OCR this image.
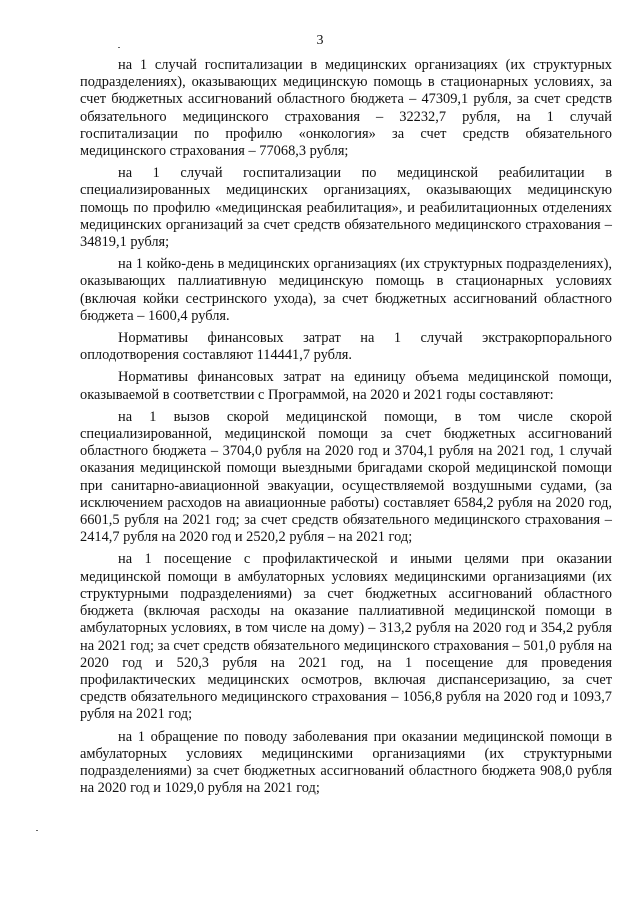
3

на 1 случай госпитализации в медицинских организациях (их структурных подразделениях), оказывающих медицинскую помощь в стационарных условиях, за счет бюджетных ассигнований областного бюджета – 47309,1 рубля, за счет средств обязательного медицинского страхования – 32232,7 рубля, на 1 случай госпитализации по профилю «онкология» за счет средств обязательного медицинского страхования – 77068,3 рубля;

на 1 случай госпитализации по медицинской реабилитации в специализированных медицинских организациях, оказывающих медицинскую помощь по профилю «медицинская реабилитация», и реабилитационных отделениях медицинских организаций за счет средств обязательного медицинского страхования – 34819,1 рубля;

на 1 койко-день в медицинских организациях (их структурных подразделениях), оказывающих паллиативную медицинскую помощь в стационарных условиях (включая койки сестринского ухода), за счет бюджетных ассигнований областного бюджета – 1600,4 рубля.

Нормативы финансовых затрат на 1 случай экстракорпорального оплодотворения составляют 114441,7 рубля.

Нормативы финансовых затрат на единицу объема медицинской помощи, оказываемой в соответствии с Программой, на 2020 и 2021 годы составляют:

на 1 вызов скорой медицинской помощи, в том числе скорой специализированной, медицинской помощи за счет бюджетных ассигнований областного бюджета – 3704,0 рубля на 2020 год и 3704,1 рубля на 2021 год, 1 случай оказания медицинской помощи выездными бригадами скорой медицинской помощи при санитарно-авиационной эвакуации, осуществляемой воздушными судами, (за исключением расходов на авиационные работы) составляет 6584,2 рубля на 2020 год, 6601,5 рубля на 2021 год; за счет средств обязательного медицинского страхования – 2414,7 рубля на 2020 год и 2520,2 рубля – на 2021 год;

на 1 посещение с профилактической и иными целями при оказании медицинской помощи в амбулаторных условиях медицинскими организациями (их структурными подразделениями) за счет бюджетных ассигнований областного бюджета (включая расходы на оказание паллиативной медицинской помощи в амбулаторных условиях, в том числе на дому) – 313,2 рубля на 2020 год и 354,2 рубля на 2021 год; за счет средств обязательного медицинского страхования – 501,0 рубля на 2020 год и 520,3 рубля на 2021 год, на 1 посещение для проведения профилактических медицинских осмотров, включая диспансеризацию, за счет средств обязательного медицинского страхования – 1056,8 рубля на 2020 год и 1093,7 рубля на 2021 год;

на 1 обращение по поводу заболевания при оказании медицинской помощи в амбулаторных условиях медицинскими организациями (их структурными подразделениями) за счет бюджетных ассигнований областного бюджета 908,0 рубля на 2020 год и 1029,0 рубля на 2021 год;
